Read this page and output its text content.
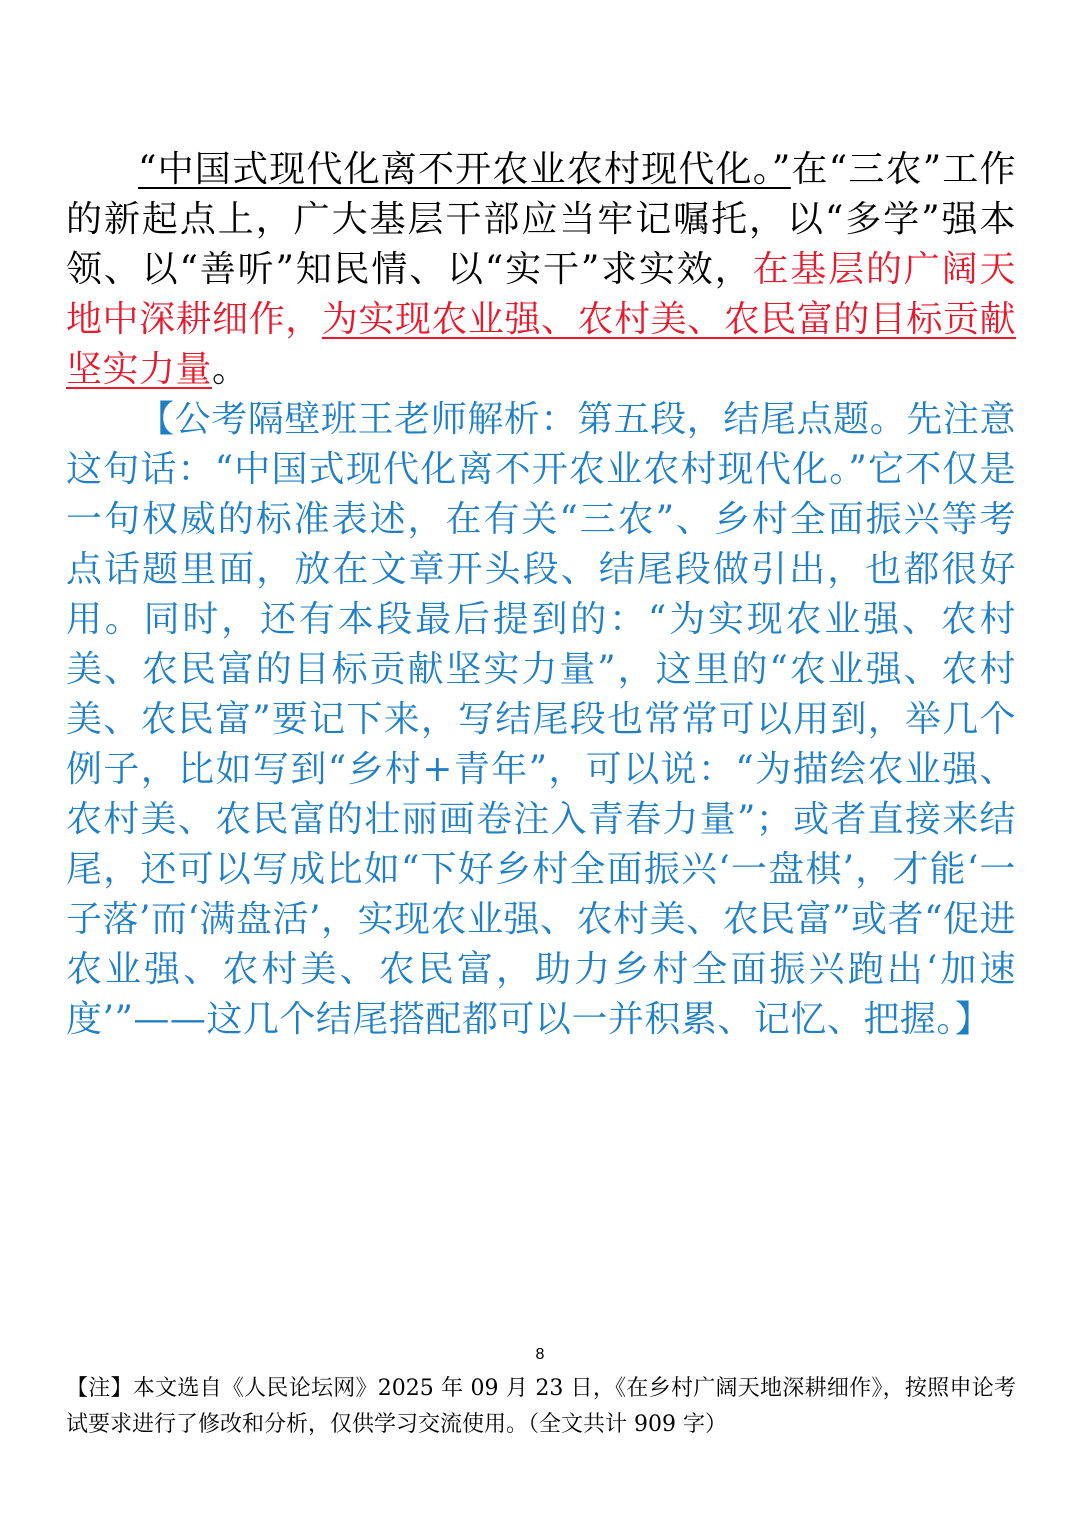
“中国式现代化离不开农业农村现代化。”在“三农”工作的新起点上，广大基层干部应当牢记嘱托，以“多学”强本领、以“善听”知民情、以“实干”求实效，在基层的广阔天地中深耕细作，为实现农业强、农村美、农民富的目标贡献坚实力量。

【公考隔壁班王老师解析：第五段，结尾点题。先注意这句话：“中国式现代化离不开农业农村现代化。”它不仅是一句权威的标准表述，在有关“三农”、乡村全面振兴等考点话题里面，放在文章开头段、结尾段做引出，也都很好用。同时，还有本段最后提到的：“为实现农业强、农村美、农民富的目标贡献坚实力量”，这里的“农业强、农村美、农民富”要记下来，写结尾段也常常可以用到，举几个例子，比如写到“乡村+青年”，可以说：“为描绘农业强、农村美、农民富的壮丽画卷注入青春力量”；或者直接来结尾，还可以写成比如“下好乡村全面振兴‘一盘棋’，才能‘一子落’而‘满盘活’，实现农业强、农村美、农民富”或者“促进农业强、农村美、农民富，助力乡村全面振兴跑出‘加速度’”——这几个结尾搭配都可以一并积累、记忆、把握。】

8
【注】本文选自《人民论坛网》2025 年 09 月 23 日，《在乡村广阔天地深耕细作》，按照申论考试要求进行了修改和分析，仅供学习交流使用。（全文共计 909 字）
